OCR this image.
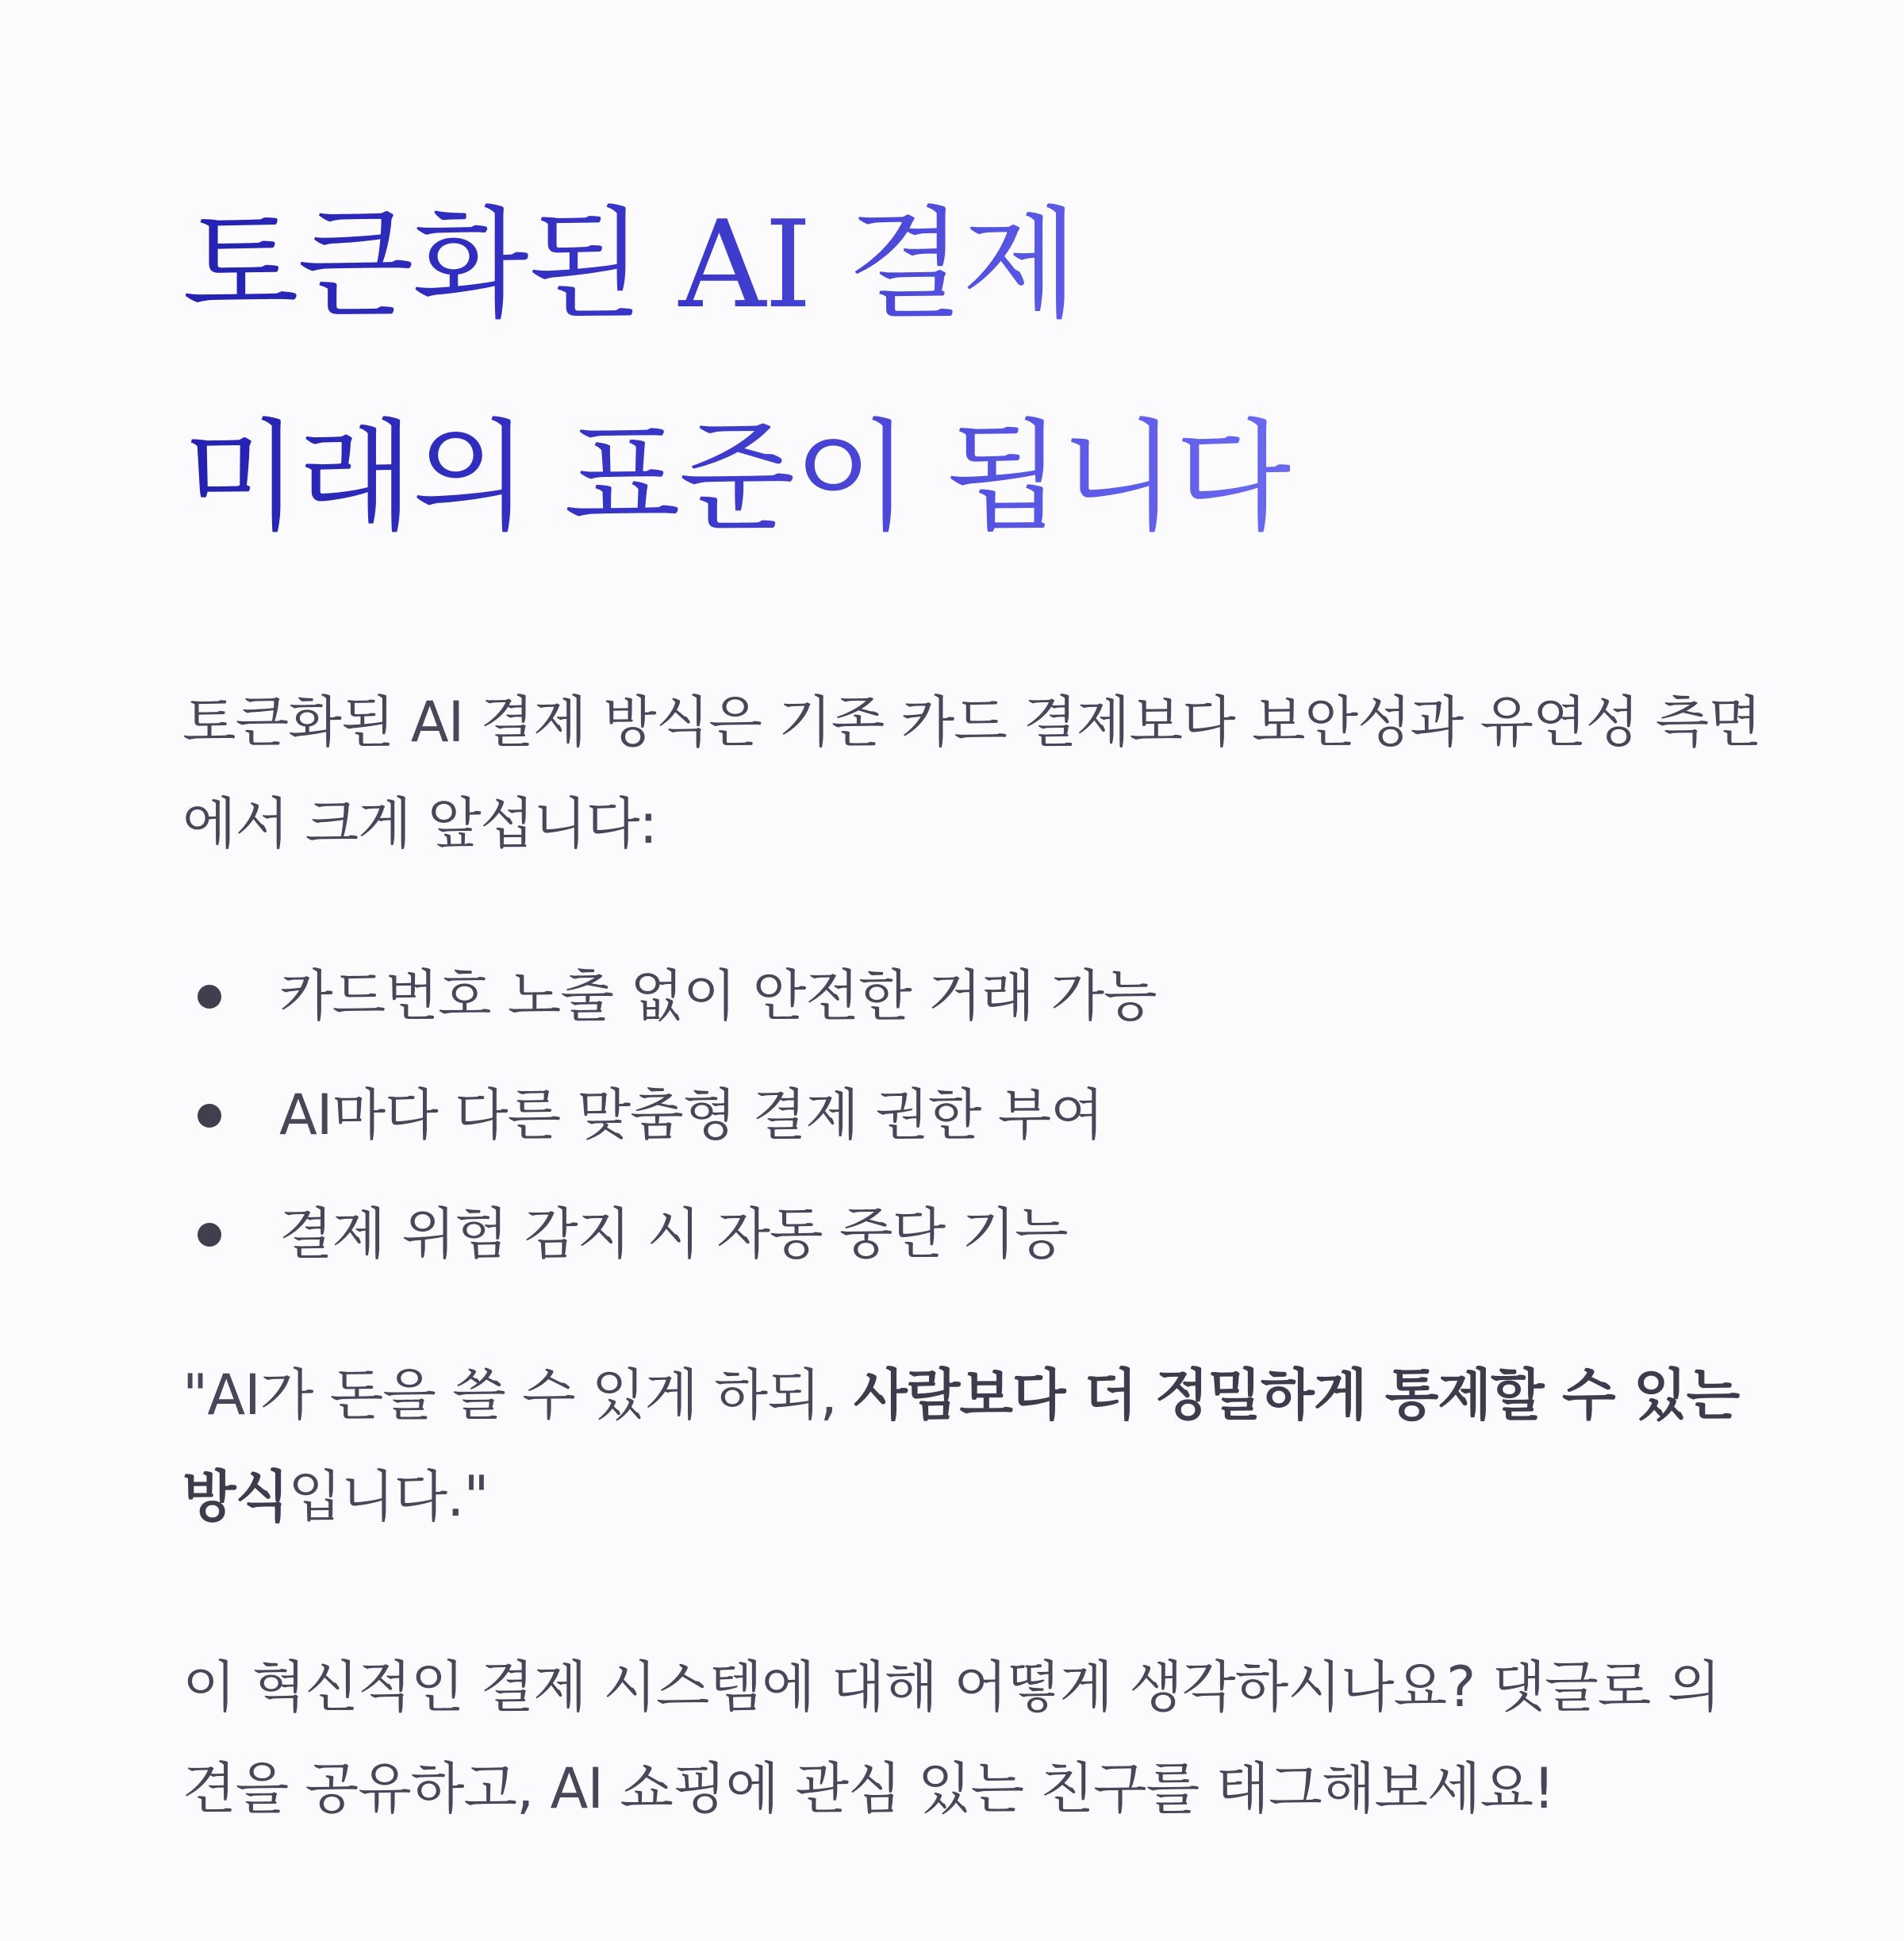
토큰화된 AI 결제
미래의 표준이 됩니다

토큰화된 AI 결제 방식은 기존 카드 결제보다 보안성과 유연성 측면에서 크게 앞섭니다:

카드번호 노출 없이 안전한 거래 가능
AI마다 다른 맞춤형 결제 권한 부여
결제 위험 감지 시 자동 중단 기능

"AI가 돈을 쓸 수 있게 하되, 사람보다 더 정밀하게 통제할 수 있는 방식입니다."

이 혁신적인 결제 시스템에 대해 어떻게 생각하시나요? 댓글로 의견을 공유하고, AI 쇼핑에 관심 있는 친구를 태그해보세요!
